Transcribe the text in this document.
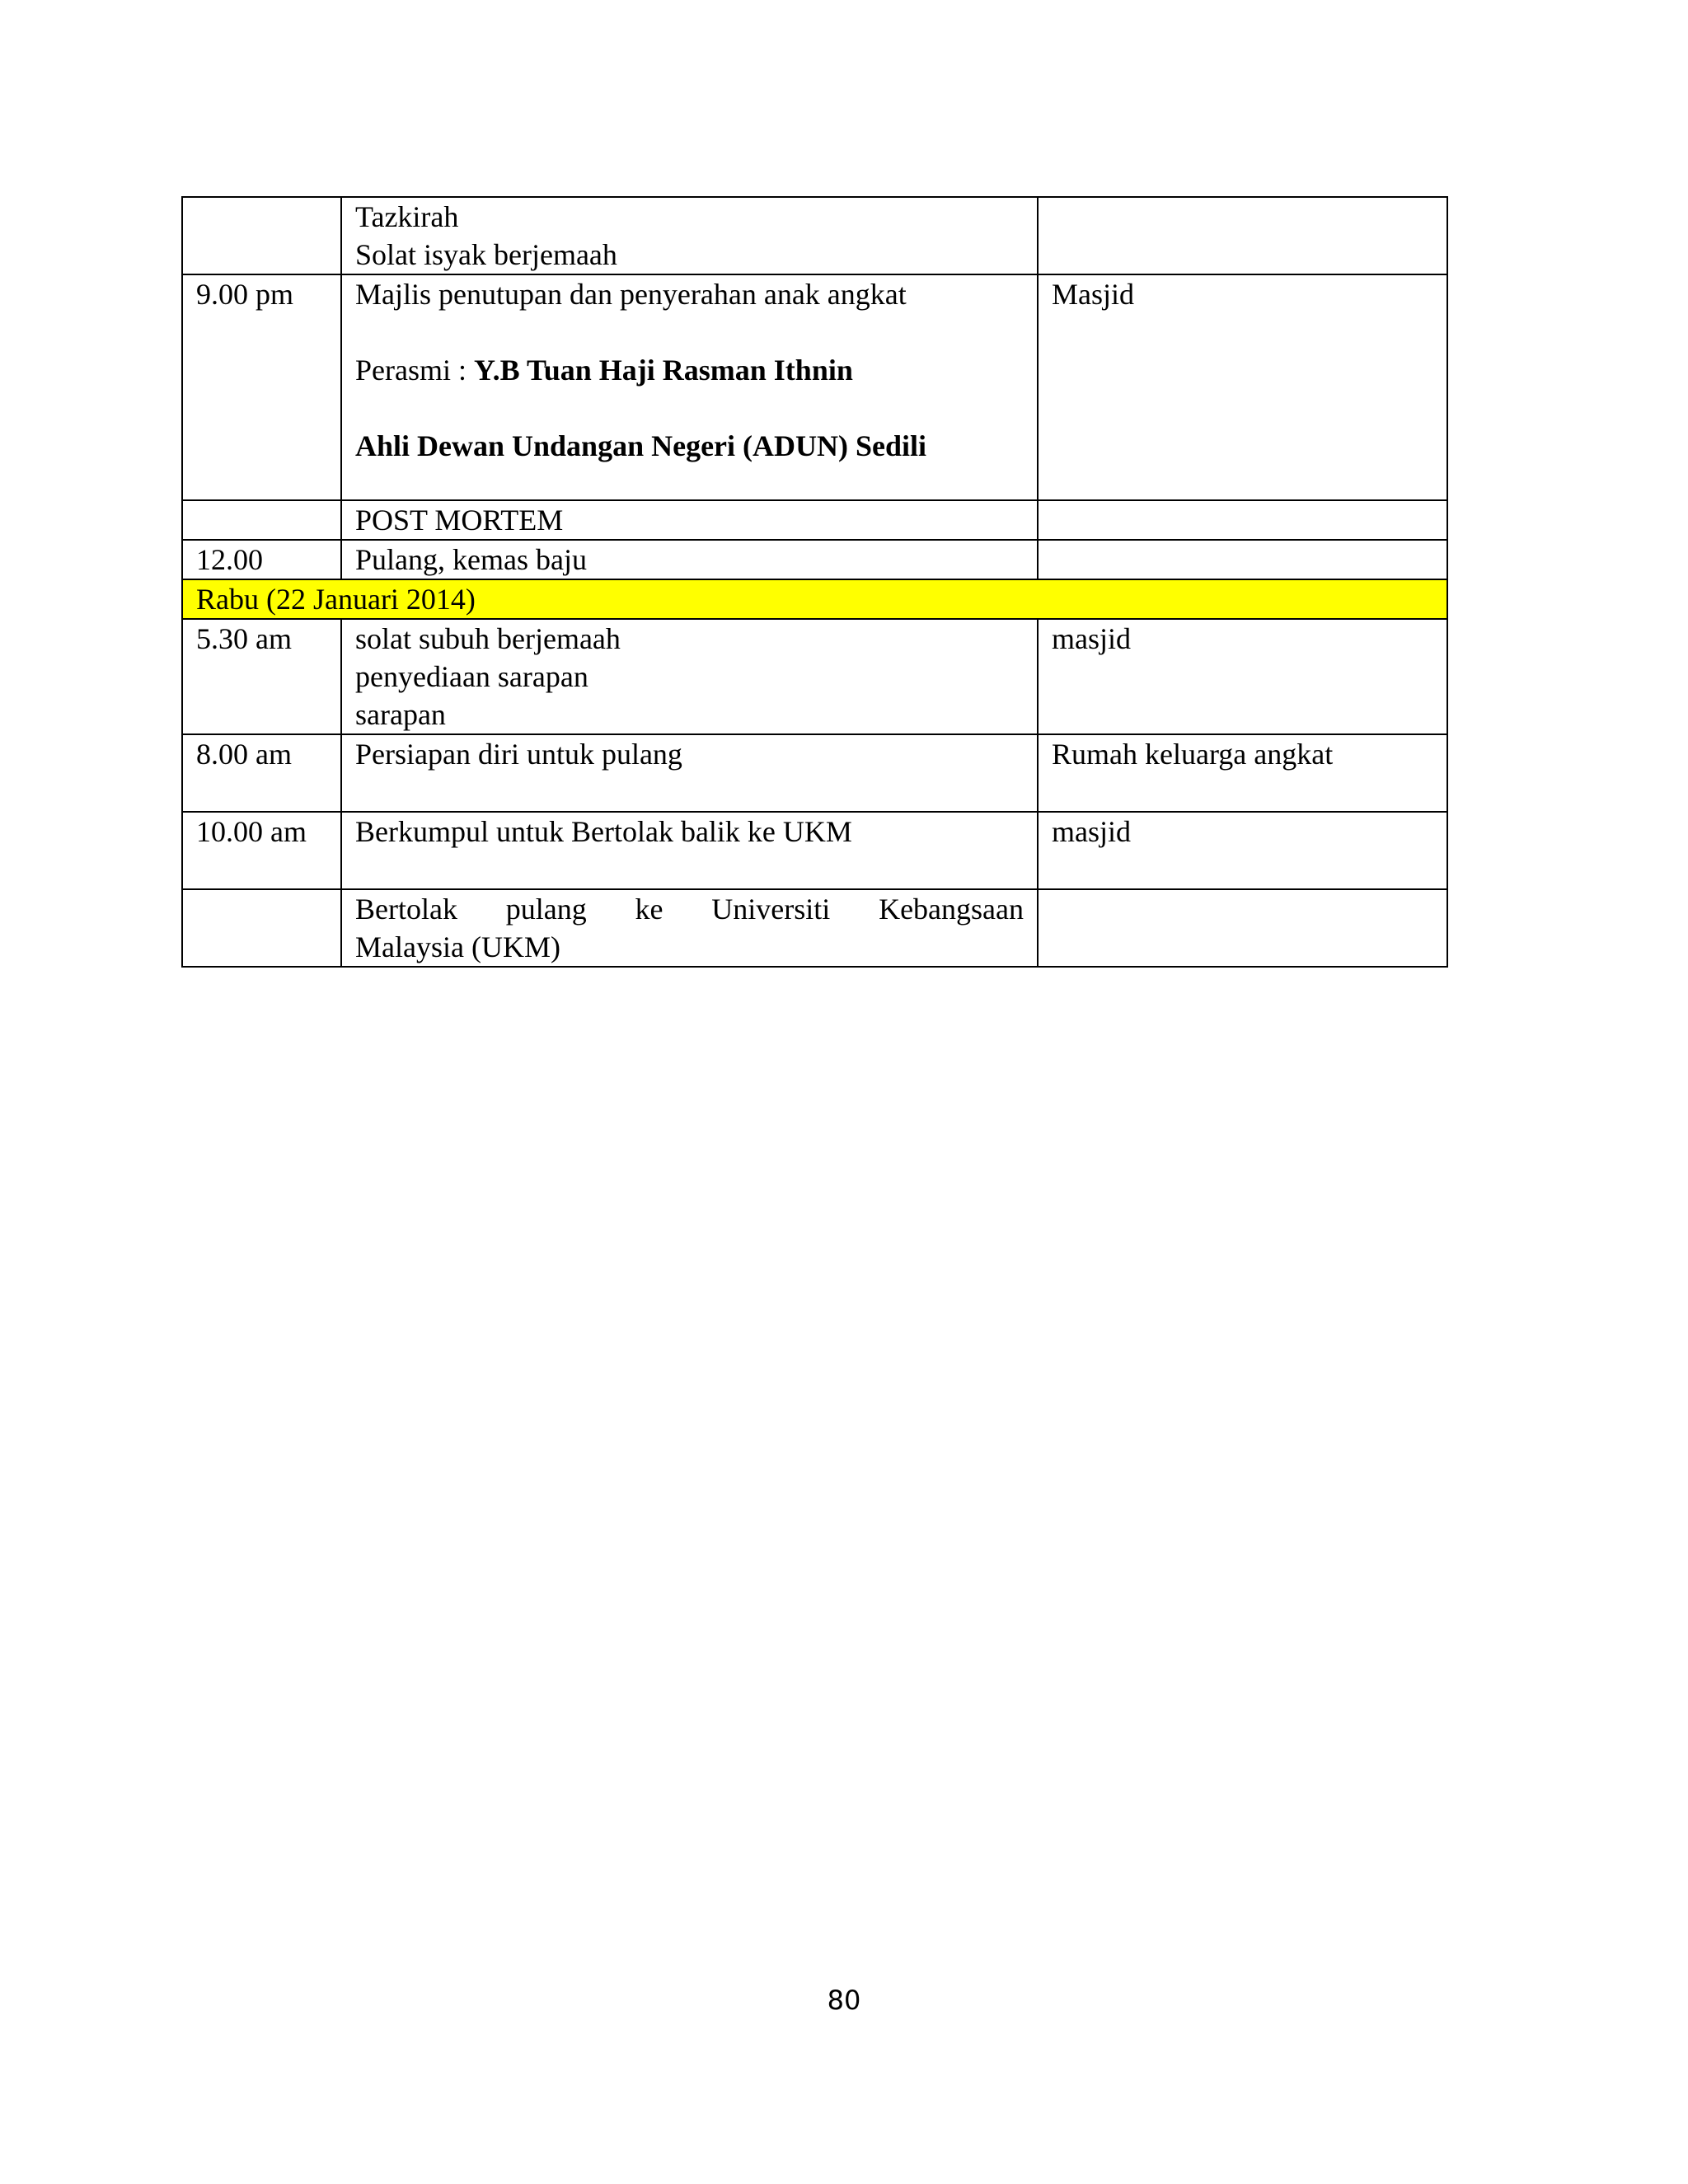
	Tazkirah
Solat isyak berjemaah	

9.00 pm	Majlis penutupan dan penyerahan anak angkat
Perasmi : Y.B Tuan Haji Rasman Ithnin
Ahli Dewan Undangan Negeri (ADUN) Sedili	Masjid
	POST MORTEM	
12.00	Pulang, kemas baju	
Rabu (22 Januari 2014)		
5.30 am	solat subuh berjemaah
penyediaan sarapan
sarapan	masjid
8.00 am	Persiapan diri untuk pulang	Rumah keluarga angkat
10.00 am	Berkumpul untuk Bertolak balik ke UKM	masjid

	Bertolak pulang ke Universiti Kebangsaan
Malaysia (UKM)	

80
